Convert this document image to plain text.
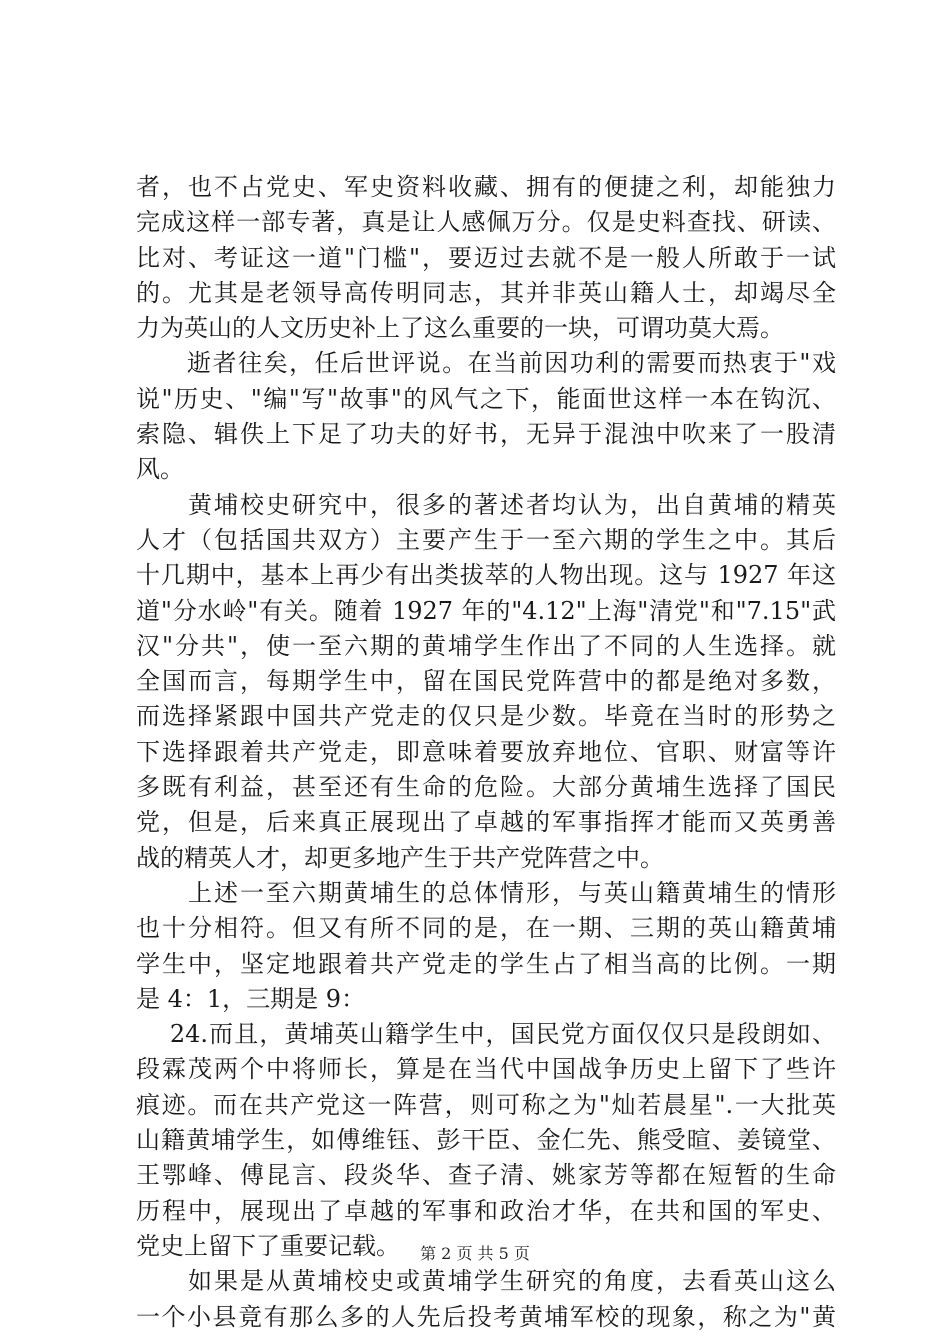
者，也不占党史、军史资料收藏、拥有的便捷之利，却能独力
完成这样一部专著，真是让人感佩万分。仅是史料查找、研读、
比对、考证这一道"门槛"，要迈过去就不是一般人所敢于一试
的。尤其是老领导高传明同志，其并非英山籍人士，却竭尽全
力为英山的人文历史补上了这么重要的一块，可谓功莫大焉。
　　逝者往矣，任后世评说。在当前因功利的需要而热衷于"戏
说"历史、"编"写"故事"的风气之下，能面世这样一本在钩沉、
索隐、辑佚上下足了功夫的好书，无异于混浊中吹来了一股清
风。
　　黄埔校史研究中，很多的著述者均认为，出自黄埔的精英
人才（包括国共双方）主要产生于一至六期的学生之中。其后
十几期中，基本上再少有出类拔萃的人物出现。这与 1927 年这
道"分水岭"有关。随着 1927 年的"4.12"上海"清党"和"7.15"武
汉"分共"，使一至六期的黄埔学生作出了不同的人生选择。就
全国而言，每期学生中，留在国民党阵营中的都是绝对多数，
而选择紧跟中国共产党走的仅只是少数。毕竟在当时的形势之
下选择跟着共产党走，即意味着要放弃地位、官职、财富等许
多既有利益，甚至还有生命的危险。大部分黄埔生选择了国民
党，但是，后来真正展现出了卓越的军事指挥才能而又英勇善
战的精英人才，却更多地产生于共产党阵营之中。
　　上述一至六期黄埔生的总体情形，与英山籍黄埔生的情形
也十分相符。但又有所不同的是，在一期、三期的英山籍黄埔
学生中，坚定地跟着共产党走的学生占了相当高的比例。一期
是 4：1，三期是 9：
　 24.而且，黄埔英山籍学生中，国民党方面仅仅只是段朗如、
段霖茂两个中将师长，算是在当代中国战争历史上留下了些许
痕迹。而在共产党这一阵营，则可称之为"灿若晨星".一大批英
山籍黄埔学生，如傅维钰、彭干臣、金仁先、熊受暄、姜镜堂、
王鄂峰、傅昆言、段炎华、查子清、姚家芳等都在短暂的生命
历程中，展现出了卓越的军事和政治才华，在共和国的军史、
党史上留下了重要记载。
　　如果是从黄埔校史或黄埔学生研究的角度，去看英山这么
一个小县竟有那么多的人先后投考黄埔军校的现象，称之为"黄
第 2 页 共 5 页
